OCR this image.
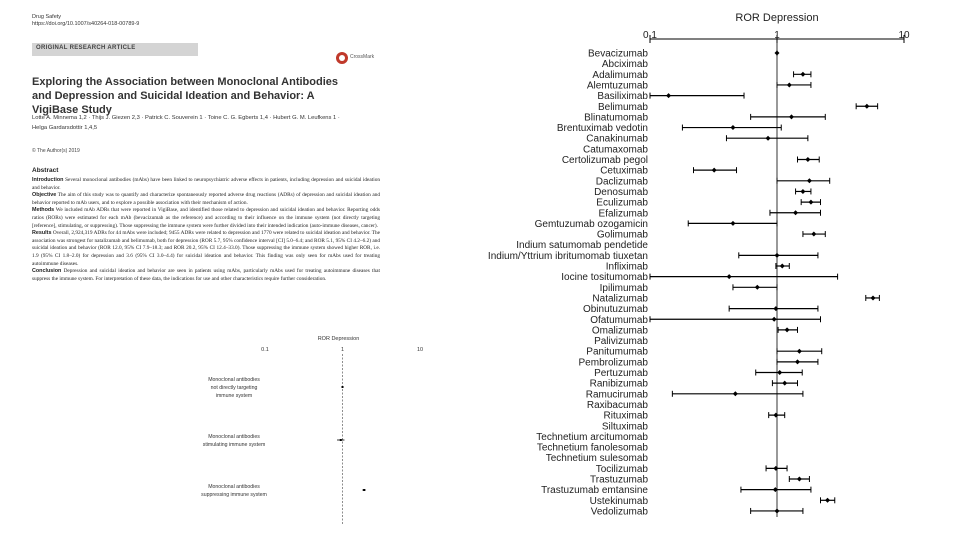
Drug Safety
https://doi.org/10.1007/s40264-018-00789-9
ORIGINAL RESEARCH ARTICLE
CrossMark
Exploring the Association between Monoclonal Antibodies
and Depression and Suicidal Ideation and Behavior: A VigiBase Study
Lotte A. Minnema 1,2 · Thijs J. Giezen 2,3 · Patrick C. Souverein 1 · Toine C. G. Egberts 1,4 · Hubert G. M. Leufkens 1 ·
Helga Gardarsdottir 1,4,5
© The Author(s) 2019
Abstract

Introduction Several monoclonal antibodies (mAbs) have been linked to neuropsychiatric adverse effects in patients, including depression and suicidal ideation and behavior.

Objective The aim of this study was to quantify and characterize spontaneously reported adverse drug reactions (ADRs) of depression and suicidal ideation and behavior reported to mAb users, and to explore a possible association with their mechanism of action.

Methods We included mAb ADRs that were reported in VigiBase, and identified those related to depression and suicidal ideation and behavior. Reporting odds ratios (RORs) were estimated for each mAb (bevacizumab as the reference) and according to their influence on the immune system (not directly targeting [reference], stimulating, or suppressing). Those suppressing the immune system were further divided into their intended indication (auto-immune diseases, cancer).

Results Overall, 2,924,319 ADRs for 44 mAbs were included; 9455 ADRs were related to depression and 1770 were related to suicidal ideation and behavior. The association was strongest for natalizumab and belimumab, both for depression (ROR 5.7, 95% confidence interval [CI] 5.0–6.4; and ROR 5.1, 95% CI 4.2–6.2) and suicidal ideation and behavior (ROR 12.0, 95% CI 7.9–18.3; and ROR 20.2, 95% CI 12.4–33.0). Those suppressing the immune system showed higher ROR, i.e. 1.9 (95% CI 1.8–2.0) for depression and 3.6 (95% CI 3.0–4.4) for suicidal ideation and behavior. This finding was only seen for mAbs used for treating autoimmune diseases.

Conclusion Depression and suicidal ideation and behavior are seen in patients using mAbs, particularly mAbs used for treating autoimmune diseases that suppress the immune system. For interpretation of these data, the indications for use and other characteristics require further consideration.

ROR Depression
0.1	1	10
Monoclonal antibodies
not directly targeting
immune system
Monoclonal antibodies
stimulating immune system
Monoclonal antibodies
suppressing immune system
ROR Depression
0.1	1	10
Bevacizumab
Abciximab
Adalimumab
Alemtuzumab
Basiliximab
Belimumab
Blinatumomab
Brentuximab vedotin
Canakinumab
Catumaxomab
Certolizumab pegol
Cetuximab
Daclizumab
Denosumab
Eculizumab
Efalizumab
Gemtuzumab ozogamicin
Golimumab
Indium satumomab pendetide
Indium/Yttrium ibritumomab tiuxetan
Infliximab
Iocine tositumomab
Ipilimumab
Natalizumab
Obinutuzumab
Ofatumumab
Omalizumab
Palivizumab
Panitumumab
Pembrolizumab
Pertuzumab
Ranibizumab
Ramucirumab
Raxibacumab
Rituximab
Siltuximab
Technetium arcitumomab
Technetium fanolesomab
Technetium sulesomab
Tocilizumab
Trastuzumab
Trastuzumab emtansine
Ustekinumab
Vedolizumab
